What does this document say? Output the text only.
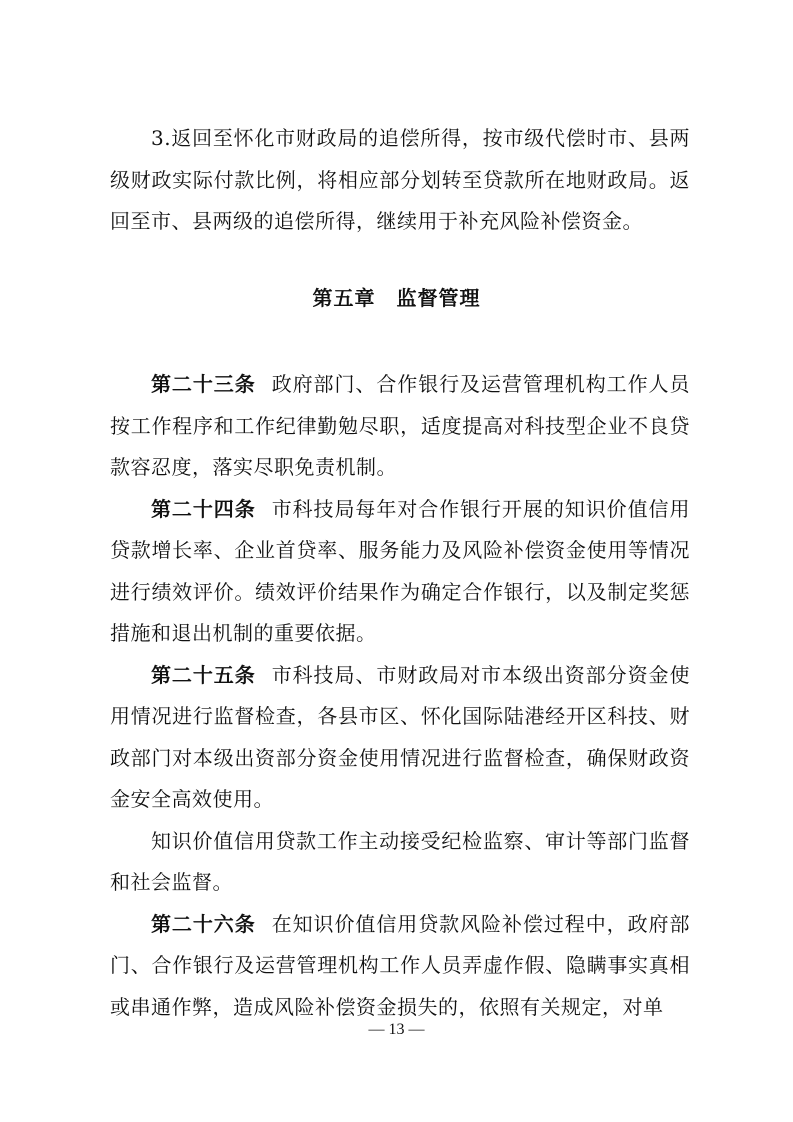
3.返回至怀化市财政局的追偿所得，按市级代偿时市、县两级财政实际付款比例，将相应部分划转至贷款所在地财政局。返回至市、县两级的追偿所得，继续用于补充风险补偿资金。

第五章　监督管理

第二十三条 政府部门、合作银行及运营管理机构工作人员按工作程序和工作纪律勤勉尽职，适度提高对科技型企业不良贷款容忍度，落实尽职免责机制。

第二十四条 市科技局每年对合作银行开展的知识价值信用贷款增长率、企业首贷率、服务能力及风险补偿资金使用等情况进行绩效评价。绩效评价结果作为确定合作银行，以及制定奖惩措施和退出机制的重要依据。

第二十五条 市科技局、市财政局对市本级出资部分资金使用情况进行监督检查，各县市区、怀化国际陆港经开区科技、财政部门对本级出资部分资金使用情况进行监督检查，确保财政资金安全高效使用。

知识价值信用贷款工作主动接受纪检监察、审计等部门监督和社会监督。

第二十六条 在知识价值信用贷款风险补偿过程中，政府部门、合作银行及运营管理机构工作人员弄虚作假、隐瞒事实真相或串通作弊，造成风险补偿资金损失的，依照有关规定，对单

— 13 —
